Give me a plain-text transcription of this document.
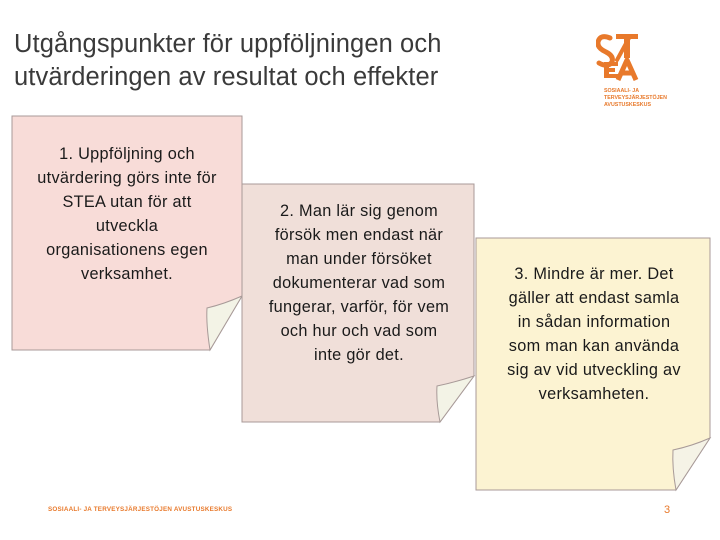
Utgångspunkter för uppföljningen och
utvärderingen av resultat och effekter	SOSIAALI- JA
TERVEYSJÄRJESTÖJEN
AVUSTUSKESKUS
1. Uppföljning och
utvärdering görs inte för
STEA utan för att
utveckla
organisationens egen
verksamhet.
2. Man lär sig genom
försök men endast när
man under försöket
dokumenterar vad som
fungerar, varför, för vem
och hur och vad som
inte gör det.
3. Mindre är mer. Det
gäller att endast samla
in sådan information
som man kan använda
sig av vid utveckling av
verksamheten.
SOSIAALI- JA TERVEYSJÄRJESTÖJEN AVUSTUSKESKUS	3
